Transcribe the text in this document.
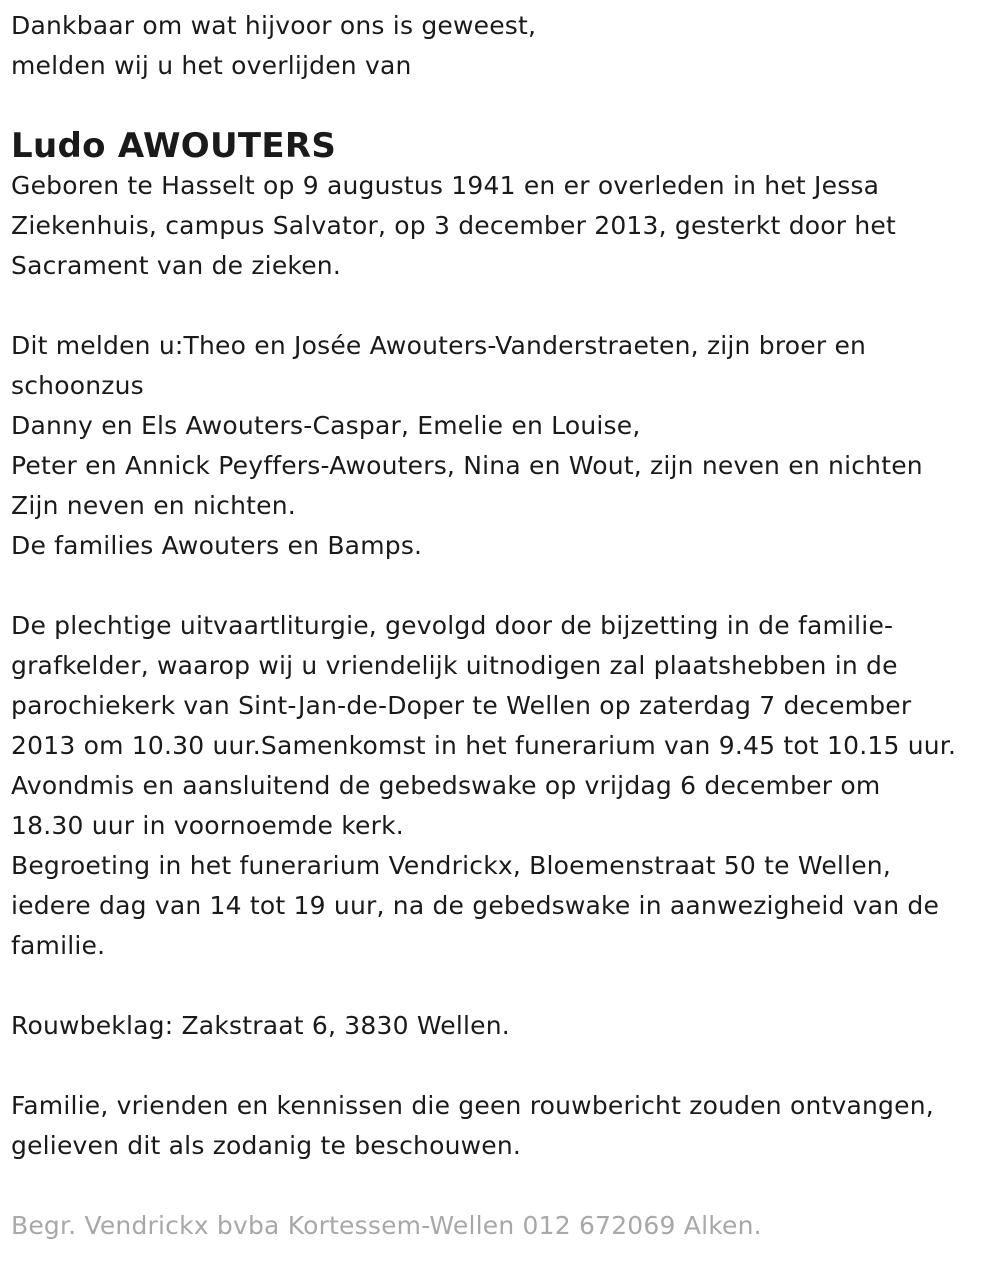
Dankbaar om wat hijvoor ons is geweest,
melden wij u het overlijden van
Ludo AWOUTERS
Geboren te Hasselt op 9 augustus 1941 en er overleden in het Jessa
Ziekenhuis, campus Salvator, op 3 december 2013, gesterkt door het
Sacrament van de zieken.
Dit melden u:Theo en Josée Awouters-Vanderstraeten, zijn broer en
schoonzus
Danny en Els Awouters-Caspar, Emelie en Louise,
Peter en Annick Peyffers-Awouters, Nina en Wout, zijn neven en nichten
Zijn neven en nichten.
De families Awouters en Bamps.
De plechtige uitvaartliturgie, gevolgd door de bijzetting in de familie-
grafkelder, waarop wij u vriendelijk uitnodigen zal plaatshebben in de
parochiekerk van Sint-Jan-de-Doper te Wellen op zaterdag 7 december
2013 om 10.30 uur.Samenkomst in het funerarium van 9.45 tot 10.15 uur.
Avondmis en aansluitend de gebedswake op vrijdag 6 december om
18.30 uur in voornoemde kerk.
Begroeting in het funerarium Vendrickx, Bloemenstraat 50 te Wellen,
iedere dag van 14 tot 19 uur, na de gebedswake in aanwezigheid van de
familie.
Rouwbeklag: Zakstraat 6, 3830 Wellen.
Familie, vrienden en kennissen die geen rouwbericht zouden ontvangen,
gelieven dit als zodanig te beschouwen.
Begr. Vendrickx bvba Kortessem-Wellen 012 672069 Alken.
